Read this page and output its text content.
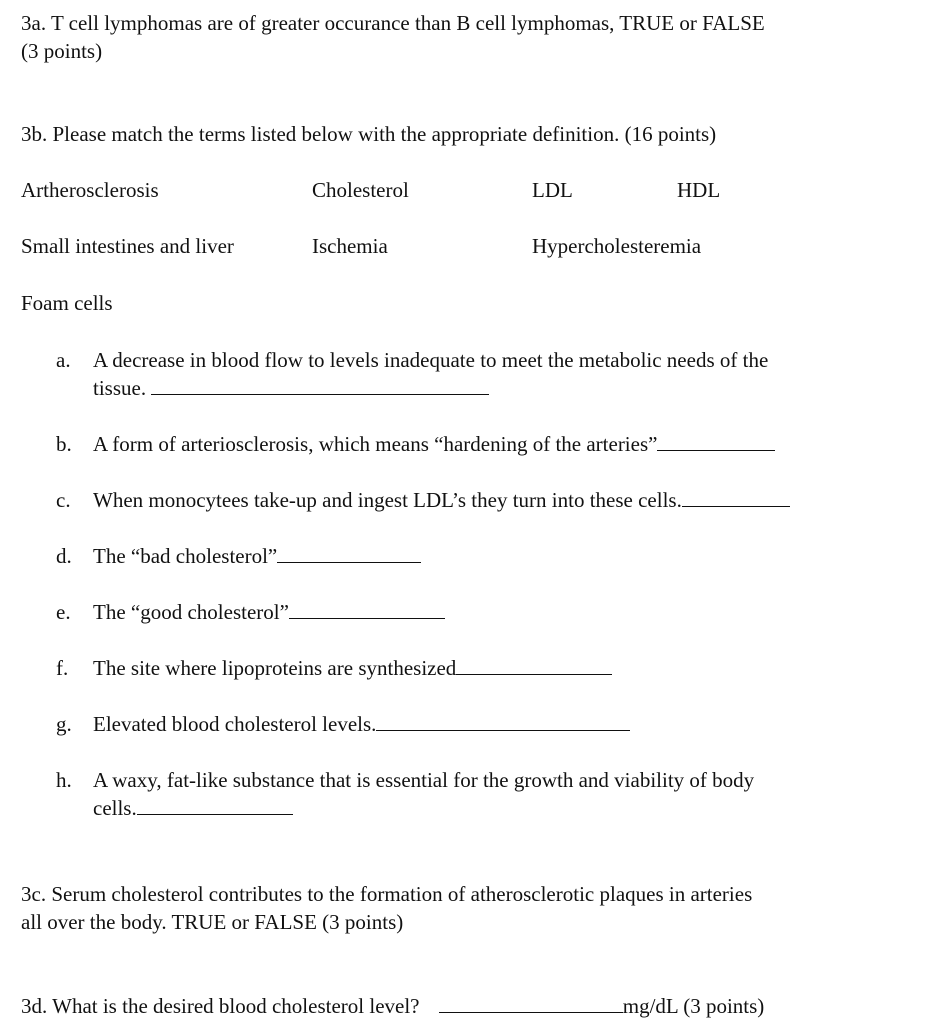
3a. T cell lymphomas are of greater occurance than B cell lymphomas, TRUE or FALSE
(3 points)
3b. Please match the terms listed below with the appropriate definition. (16 points)
Artherosclerosis	Cholesterol	LDL	HDL
Small intestines and liver	Ischemia	Hypercholesteremia
Foam cells
a. A decrease in blood flow to levels inadequate to meet the metabolic needs of the
tissue.
b. A form of arteriosclerosis, which means “hardening of the arteries”
c. When monocytees take-up and ingest LDL’s they turn into these cells.
d. The “bad cholesterol”
e. The “good cholesterol”
f. The site where lipoproteins are synthesized
g. Elevated blood cholesterol levels.
h. A waxy, fat-like substance that is essential for the growth and viability of body
cells.
3c. Serum cholesterol contributes to the formation of atherosclerotic plaques in arteries
all over the body. TRUE or FALSE (3 points)
3d. What is the desired blood cholesterol level?	mg/dL (3 points)
